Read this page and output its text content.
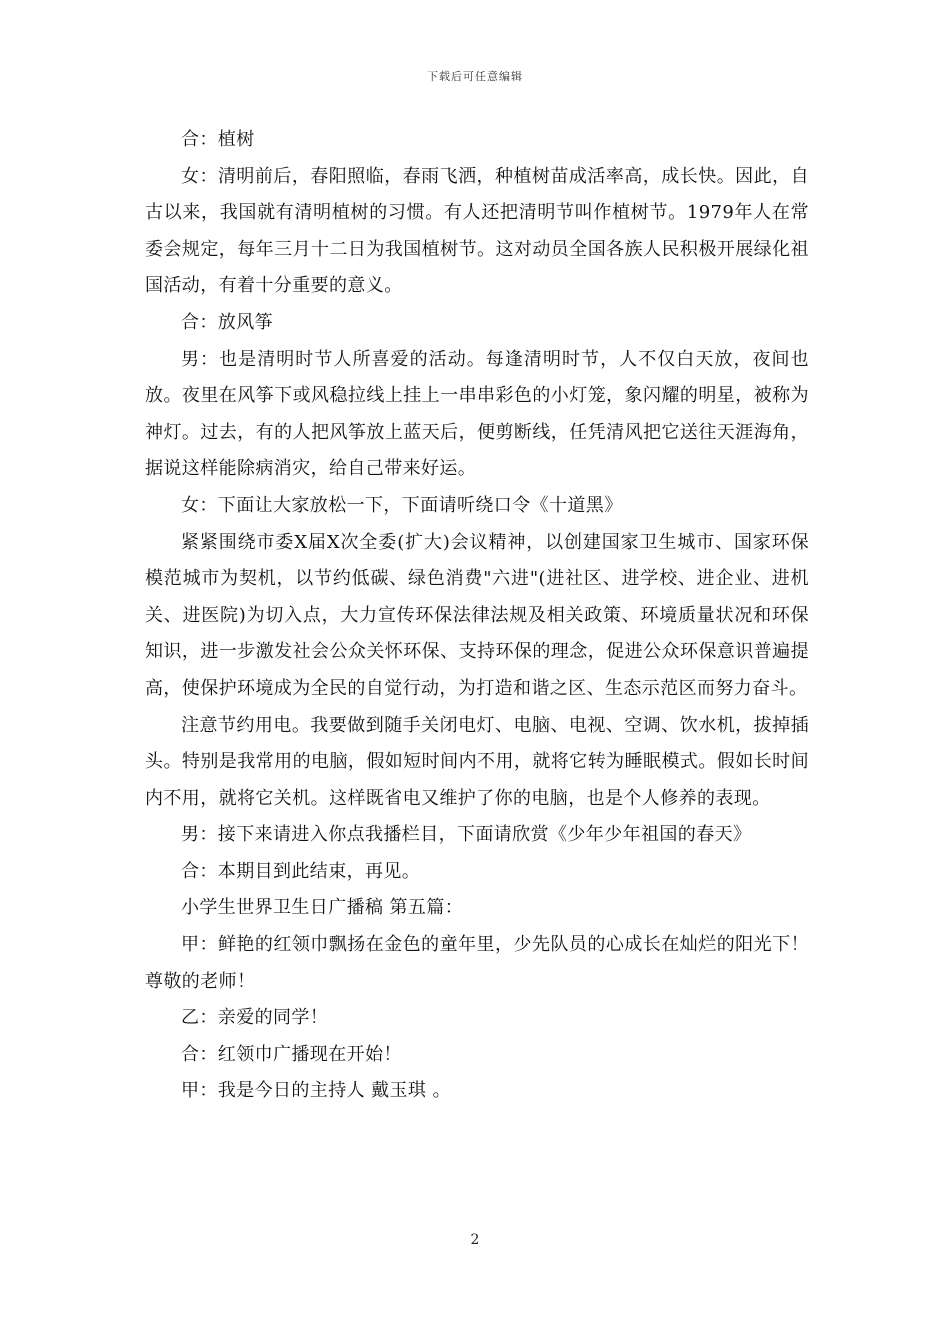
下载后可任意编辑

合：植树

女：清明前后，春阳照临，春雨飞洒，种植树苗成活率高，成长快。因此，自古以来，我国就有清明植树的习惯。有人还把清明节叫作植树节。1979年人在常委会规定，每年三月十二日为我国植树节。这对动员全国各族人民积极开展绿化祖国活动，有着十分重要的意义。

合：放风筝

男：也是清明时节人所喜爱的活动。每逢清明时节，人不仅白天放，夜间也放。夜里在风筝下或风稳拉线上挂上一串串彩色的小灯笼，象闪耀的明星，被称为神灯。过去，有的人把风筝放上蓝天后，便剪断线，任凭清风把它送往天涯海角，据说这样能除病消灾，给自己带来好运。

女：下面让大家放松一下，下面请听绕口令《十道黑》

紧紧围绕市委X届X次全委(扩大)会议精神，以创建国家卫生城市、国家环保模范城市为契机，以节约低碳、绿色消费"六进"(进社区、进学校、进企业、进机关、进医院)为切入点，大力宣传环保法律法规及相关政策、环境质量状况和环保知识，进一步激发社会公众关怀环保、支持环保的理念，促进公众环保意识普遍提高，使保护环境成为全民的自觉行动，为打造和谐之区、生态示范区而努力奋斗。

注意节约用电。我要做到随手关闭电灯、电脑、电视、空调、饮水机，拔掉插头。特别是我常用的电脑，假如短时间内不用，就将它转为睡眠模式。假如长时间内不用，就将它关机。这样既省电又维护了你的电脑，也是个人修养的表现。

男：接下来请进入你点我播栏目，下面请欣赏《少年少年祖国的春天》

合：本期目到此结束，再见。

小学生世界卫生日广播稿 第五篇：

甲：鲜艳的红领巾飘扬在金色的童年里，少先队员的心成长在灿烂的阳光下！尊敬的老师！

乙：亲爱的同学！

合：红领巾广播现在开始！

甲：我是今日的主持人 戴玉琪 。

2
